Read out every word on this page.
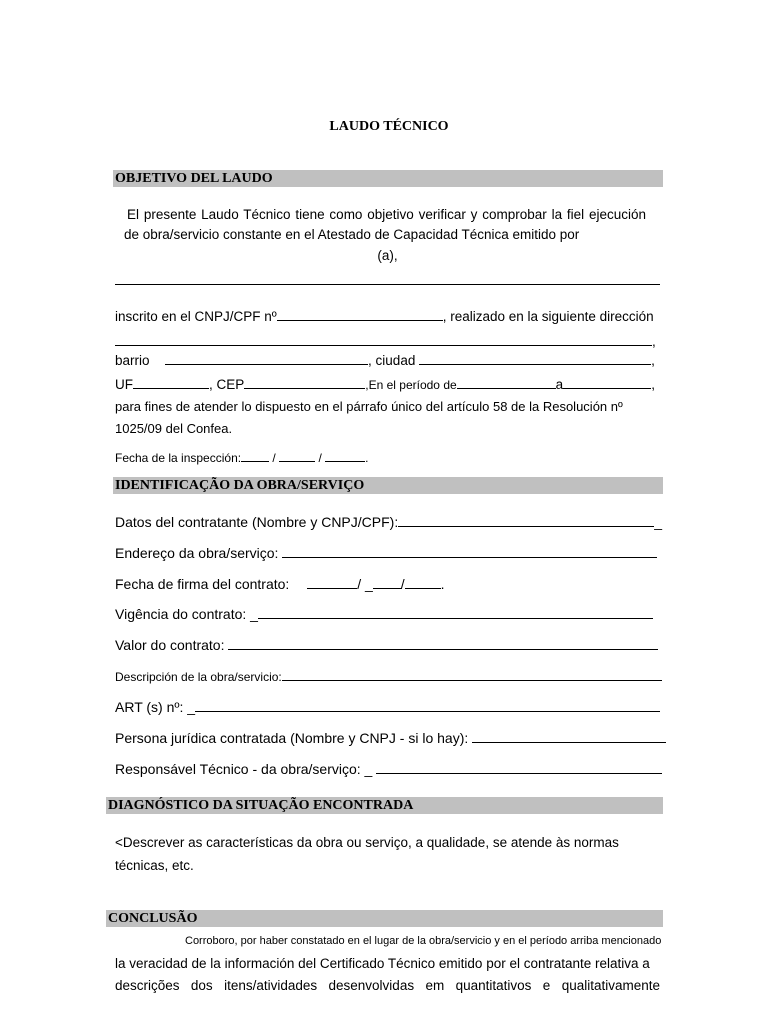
LAUDO TÉCNICO
OBJETIVO DEL LAUDO
El presente Laudo Técnico tiene como objetivo verificar y comprobar la fiel ejecución
de obra/servicio constante en el Atestado de Capacidad Técnica emitido por
(a),
inscrito en el CNPJ/CPF nº	, realizado en la siguiente dirección
,
barrio	, ciudad	,
UF	, CEP	,En el período de	a	,
para fines de atender lo dispuesto en el párrafo único del artículo 58 de la Resolución nº
1025/09 del Confea.
Fecha de la inspección:	/	/	.
IDENTIFICAÇÃO DA OBRA/SERVIÇO
Datos del contratante (Nombre y CNPJ/CPF):	_
Endereço da obra/serviço:
Fecha de firma del contrato:	/ _ /	.
Vigência do contrato: _
Valor do contrato:
Descripción de la obra/servicio:
ART (s) nº: _
Persona jurídica contratada (Nombre y CNPJ - si lo hay):
Responsável Técnico - da obra/serviço: _
DIAGNÓSTICO DA SITUAÇÃO ENCONTRADA
<Descrever as características da obra ou serviço, a qualidade, se atende às normas
técnicas, etc.
CONCLUSÃO
Corroboro, por haber constatado en el lugar de la obra/servicio y en el período arriba mencionado
la veracidad de la información del Certificado Técnico emitido por el contratante relativa a
descrições dos itens/atividades desenvolvidas em quantitativos e qualitativamente
